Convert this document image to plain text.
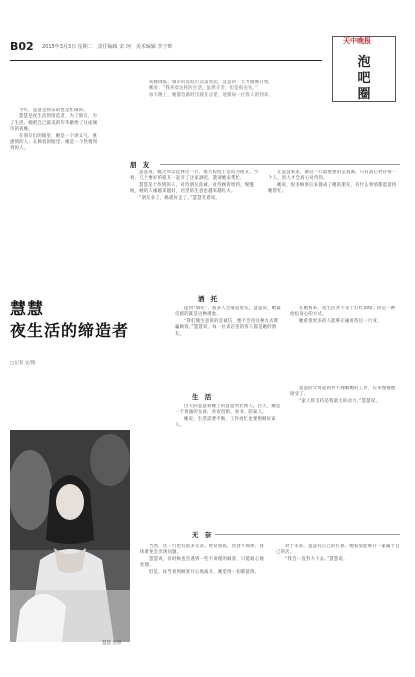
B02 2015年3月3日 星期二　责任编辑 宋 珂　美术编辑 李子晖
泡
吧
圈
天中晚报

今年，慧慧是快乐的也是忙碌的。

慧慧是夜生活的创造者，为了朋友，为了生活，她把自己最美的年华献给了这座城市的夜晚。

在朋友们的眼里，她是一个讲义气、重感情的人；在顾客的眼里，她是一个热情周到的人。

夜晚降临，城市的霓虹灯次第亮起，慧慧的一天才刚刚开始。

她说：“我喜欢这样的生活，虽然辛苦，但是很充实。”

每天晚上，她都会准时出现在店里，迎接每一位客人的到来。

朋 友

慧慧说，她之所以选择这一行，很大程度上是因为朋友。当初，几个要好的朋友一起开了这家酒吧，邀请她来帮忙。

慧慧是个热情的人，对待朋友真诚，对待顾客周到。慢慢地，她的人缘越来越好，店里的生意也越来越红火。

“朋友多了，路就好走了。”慧慧笑着说。

在慧慧看来，做这一行最重要的是真诚。只有真心对待每一个人，别人才会真心对待你。

她说，很多顾客后来都成了她的朋友，有什么事情都愿意找她帮忙。

慧慧
夜生活的缔造者
□记者 文/图
酒 托

提到“酒托”，很多人会皱起眉头。慧慧说，她最反感的就是这种现象。

“我们做生意讲的是诚信，绝不会用这种方式欺骗顾客。”慧慧说，每一位来店里的客人都是她的朋友。

在她看来，夜生活并不等于灯红酒绿，而是一种放松身心的方式。

她希望更多的人能够正确看待这一行业。

生 活

白天的慧慧和晚上的慧慧判若两人。白天，她是一个普通的女孩，喜欢逛街、看书、陪家人。

她说，生活需要平衡，工作再忙也要照顾好家人。

慧慧的父母起初并不理解她的工作，后来慢慢地接受了。

“家人的支持是我最大的动力。”慧慧说。

无 奈

当然，这一行也有很多无奈。经常熬夜，饮食不规律，身体难免会出现问题。

慧慧说，有时候也会遇到一些不讲理的顾客，只能耐心地处理。

但是，每当看到顾客开心地离开，她觉得一切都值得。

对于未来，慧慧有自己的打算。她希望能够开一家属于自己的店。

“我会一直努力下去。”慧慧说。

慧慧 近照
